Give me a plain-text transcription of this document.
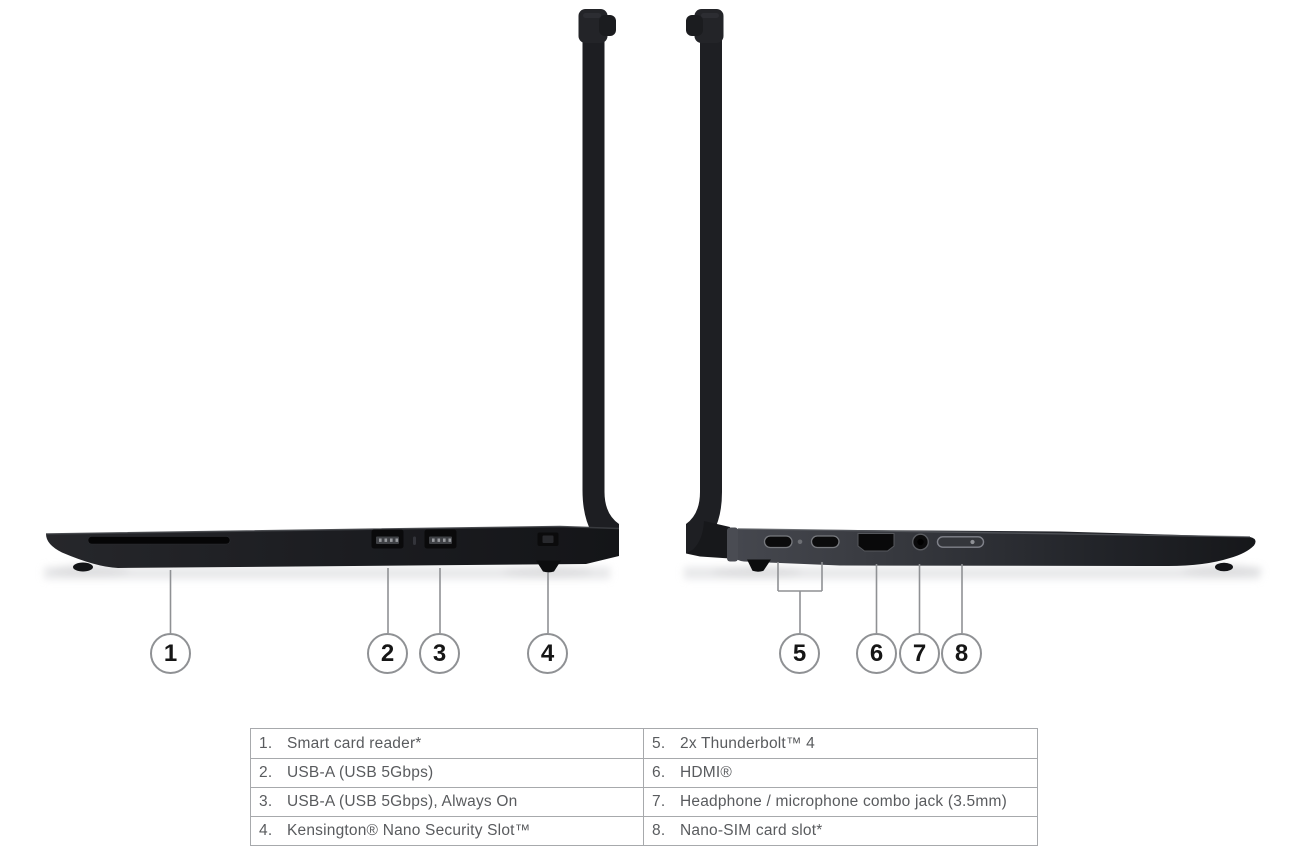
1	2	3	4	5	6	7	8
1. Smart card reader*	5. 2x Thunderbolt™ 4
2. USB-A (USB 5Gbps)	6. HDMI®
3. USB-A (USB 5Gbps), Always On	7. Headphone / microphone combo jack (3.5mm)
4. Kensington® Nano Security Slot™	8. Nano-SIM card slot*
